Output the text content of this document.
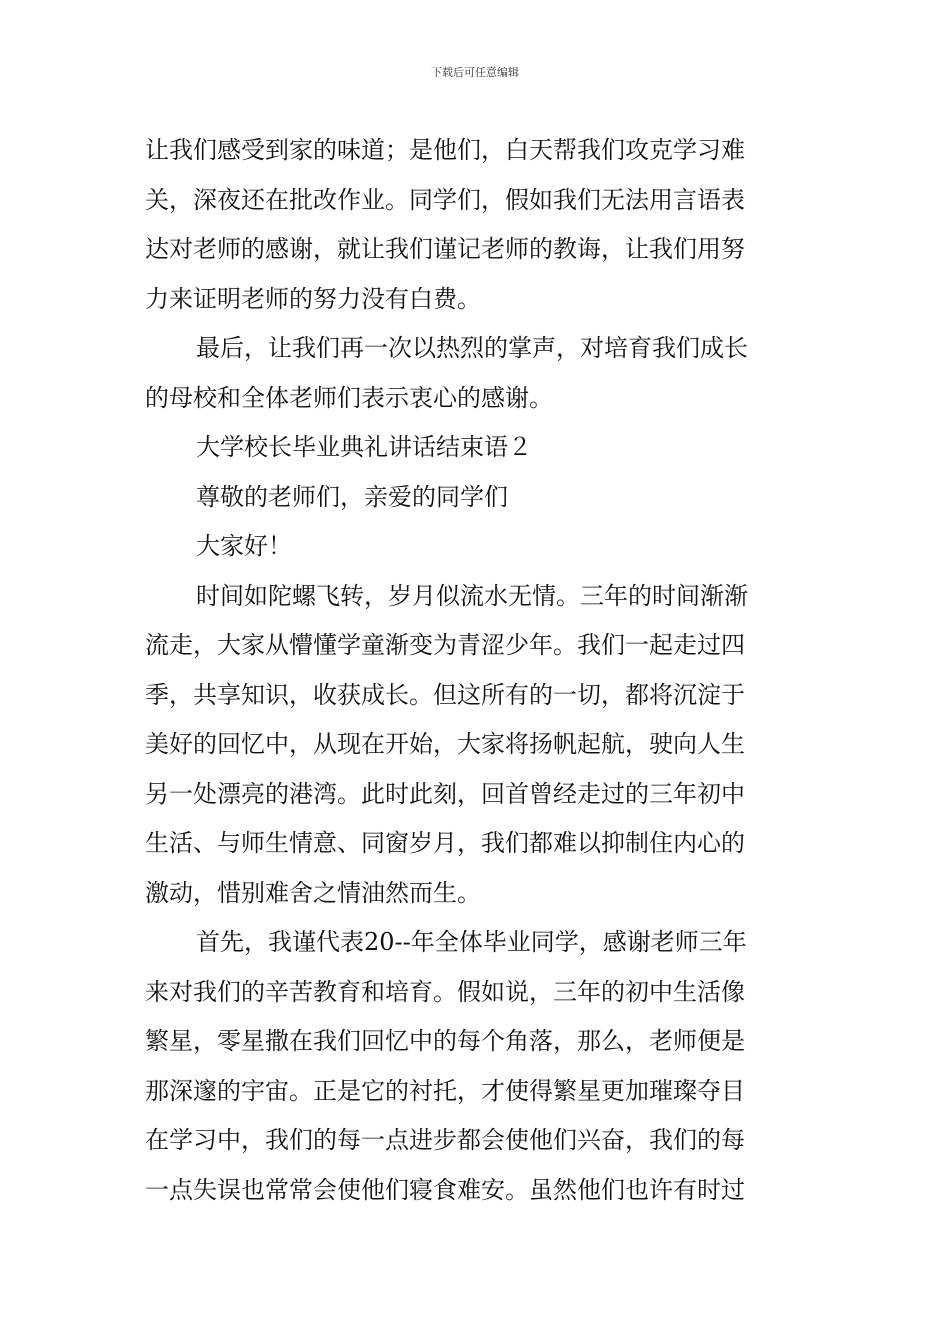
下载后可任意编辑
让我们感受到家的味道；是他们，白天帮我们攻克学习难
关，深夜还在批改作业。同学们，假如我们无法用言语表
达对老师的感谢，就让我们谨记老师的教诲，让我们用努
力来证明老师的努力没有白费。
最后，让我们再一次以热烈的掌声，对培育我们成长
的母校和全体老师们表示衷心的感谢。
大学校长毕业典礼讲话结束语２
尊敬的老师们，亲爱的同学们
大家好！
时间如陀螺飞转，岁月似流水无情。三年的时间渐渐
流走，大家从懵懂学童渐变为青涩少年。我们一起走过四
季，共享知识，收获成长。但这所有的一切，都将沉淀于
美好的回忆中，从现在开始，大家将扬帆起航，驶向人生
另一处漂亮的港湾。此时此刻，回首曾经走过的三年初中
生活、与师生情意、同窗岁月，我们都难以抑制住内心的
激动，惜别难舍之情油然而生。
首先，我谨代表20--年全体毕业同学，感谢老师三年
来对我们的辛苦教育和培育。假如说，三年的初中生活像
繁星，零星撒在我们回忆中的每个角落，那么，老师便是
那深邃的宇宙。正是它的衬托，才使得繁星更加璀璨夺目
在学习中，我们的每一点进步都会使他们兴奋，我们的每
一点失误也常常会使他们寝食难安。虽然他们也许有时过
